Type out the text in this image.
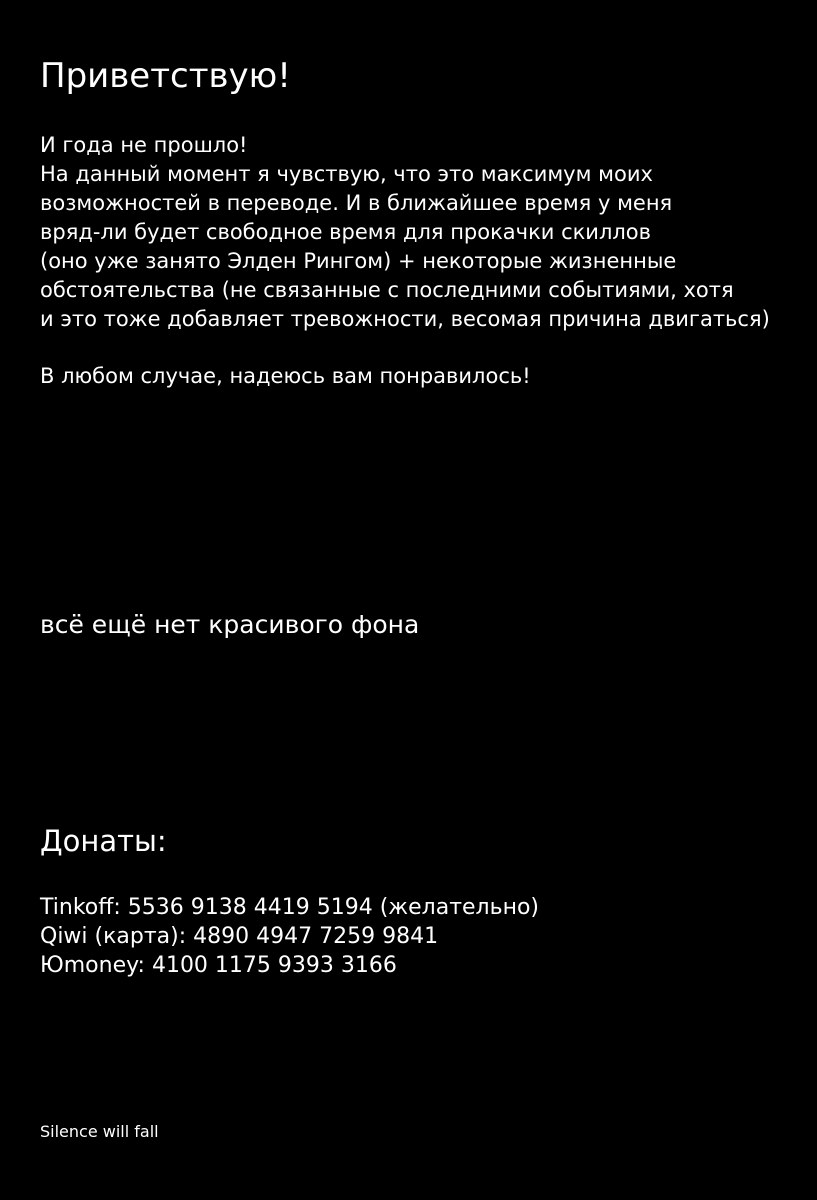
Приветствую!
И года не прошло!
На данный момент я чувствую, что это максимум моих
возможностей в переводе. И в ближайшее время у меня
вряд-ли будет свободное время для прокачки скиллов
(оно уже занято Элден Рингом) + некоторые жизненные
обстоятельства (не связанные с последними событиями, хотя
и это тоже добавляет тревожности, весомая причина двигаться)
В любом случае, надеюсь вам понравилось!
всё ещё нет красивого фона
Донаты:
Tinkoff: 5536 9138 4419 5194 (желательно)
Qiwi (карта): 4890 4947 7259 9841
Юmoney: 4100 1175 9393 3166
Silence will fall
